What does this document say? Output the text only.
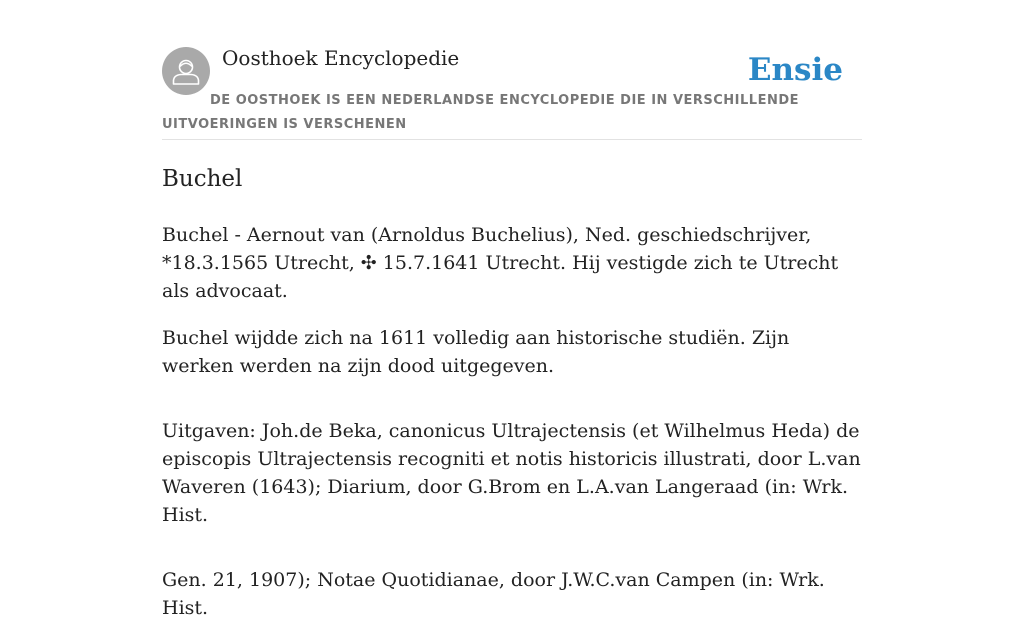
Oosthoek Encyclopedie	Ensie

DE OOSTHOEK IS EEN NEDERLANDSE ENCYCLOPEDIE DIE IN VERSCHILLENDE UITVOERINGEN IS VERSCHENEN

Buchel

Buchel - Aernout van (Arnoldus Buchelius), Ned. geschiedschrijver, *18.3.1565 Utrecht, ✣ 15.7.1641 Utrecht. Hij vestigde zich te Utrecht als advocaat.

Buchel wijdde zich na 1611 volledig aan historische studiën. Zijn werken werden na zijn dood uitgegeven.

Uitgaven: Joh.de Beka, canonicus Ultrajectensis (et Wilhelmus Heda) de episcopis Ultrajectensis recogniti et notis historicis illustrati, door L.van Waveren (1643); Diarium, door G.Brom en L.A.van Langeraad (in: Wrk. Hist.

Gen. 21, 1907); Notae Quotidianae, door J.W.C.van Campen (in: Wrk. Hist.
